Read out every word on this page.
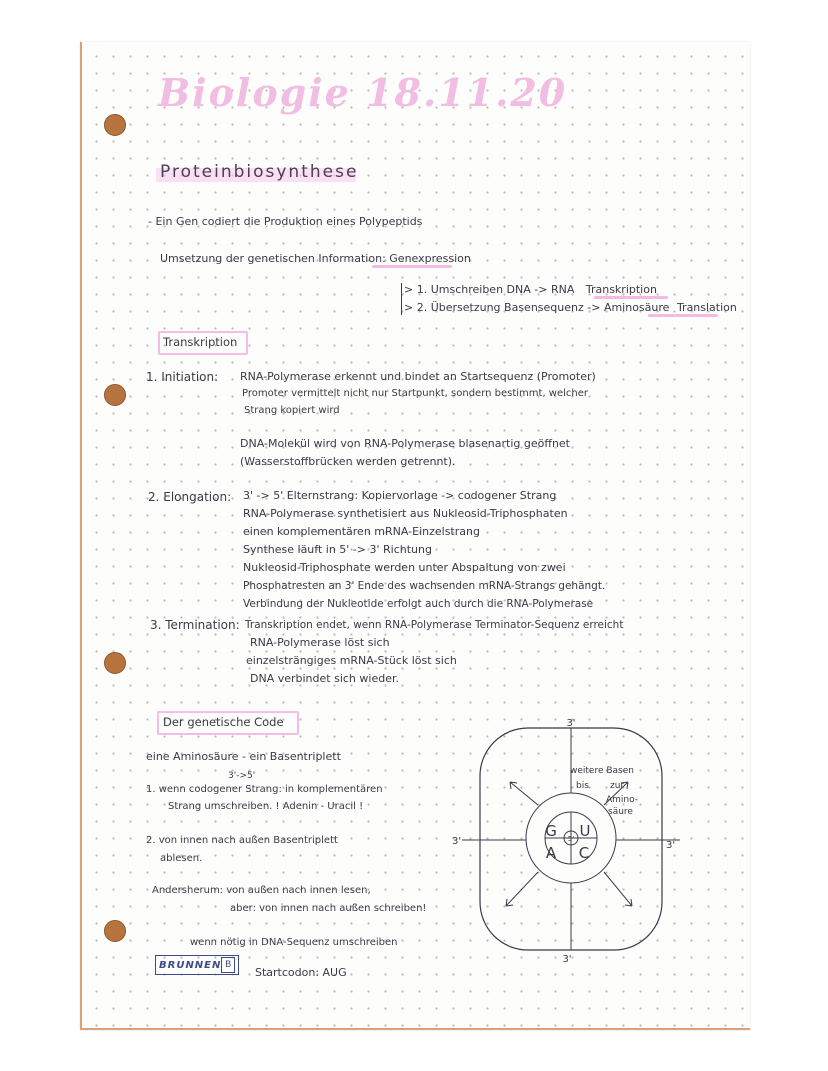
Biologie 18.11.20
Proteinbiosynthese
- Ein Gen codiert die Produktion eines Polypeptids
Umsetzung der genetischen Information: Genexpression
> 1. Umschreiben DNA -> RNA Transkription
> 2. Übersetzung Basensequenz -> Aminosäure Translation
Transkription
1. Initiation: RNA-Polymerase erkennt und bindet an Startsequenz (Promoter)
Promoter vermittelt nicht nur Startpunkt, sondern bestimmt, welcher
Strang kopiert wird
DNA-Molekül wird von RNA-Polymerase blasenartig geöffnet
(Wasserstoffbrücken werden getrennt).
2. Elongation: 3' -> 5' Elternstrang: Kopiervorlage -> codogener Strang
RNA-Polymerase synthetisiert aus Nukleosid-Triphosphaten
einen komplementären mRNA-Einzelstrang
Synthese läuft in 5' -> 3' Richtung
Nukleosid-Triphosphate werden unter Abspaltung von zwei
Phosphatresten an 3' Ende des wachsenden mRNA-Strangs gehängt.
Verbindung der Nukleotide erfolgt auch durch die RNA-Polymerase
3. Termination: Transkription endet, wenn RNA-Polymerase Terminator-Sequenz erreicht
RNA-Polymerase löst sich
einzelsträngiges mRNA-Stück löst sich
DNA verbindet sich wieder.
Der genetische Code
eine Aminosäure - ein Basentriplett
3'->5'
1. wenn codogener Strang: in komplementären
Strang umschreiben. ! Adenin - Uracil !
2. von innen nach außen Basentriplett
ablesen.
Andersherum: von außen nach innen lesen,
aber: von innen nach außen schreiben!
wenn nötig in DNA-Sequenz umschreiben
Startcodon: AUG
BRUNNEN B
3'
3'
3'	3'
weitere Basen
bis zur
Amino-
säure
5'
G U
A C
